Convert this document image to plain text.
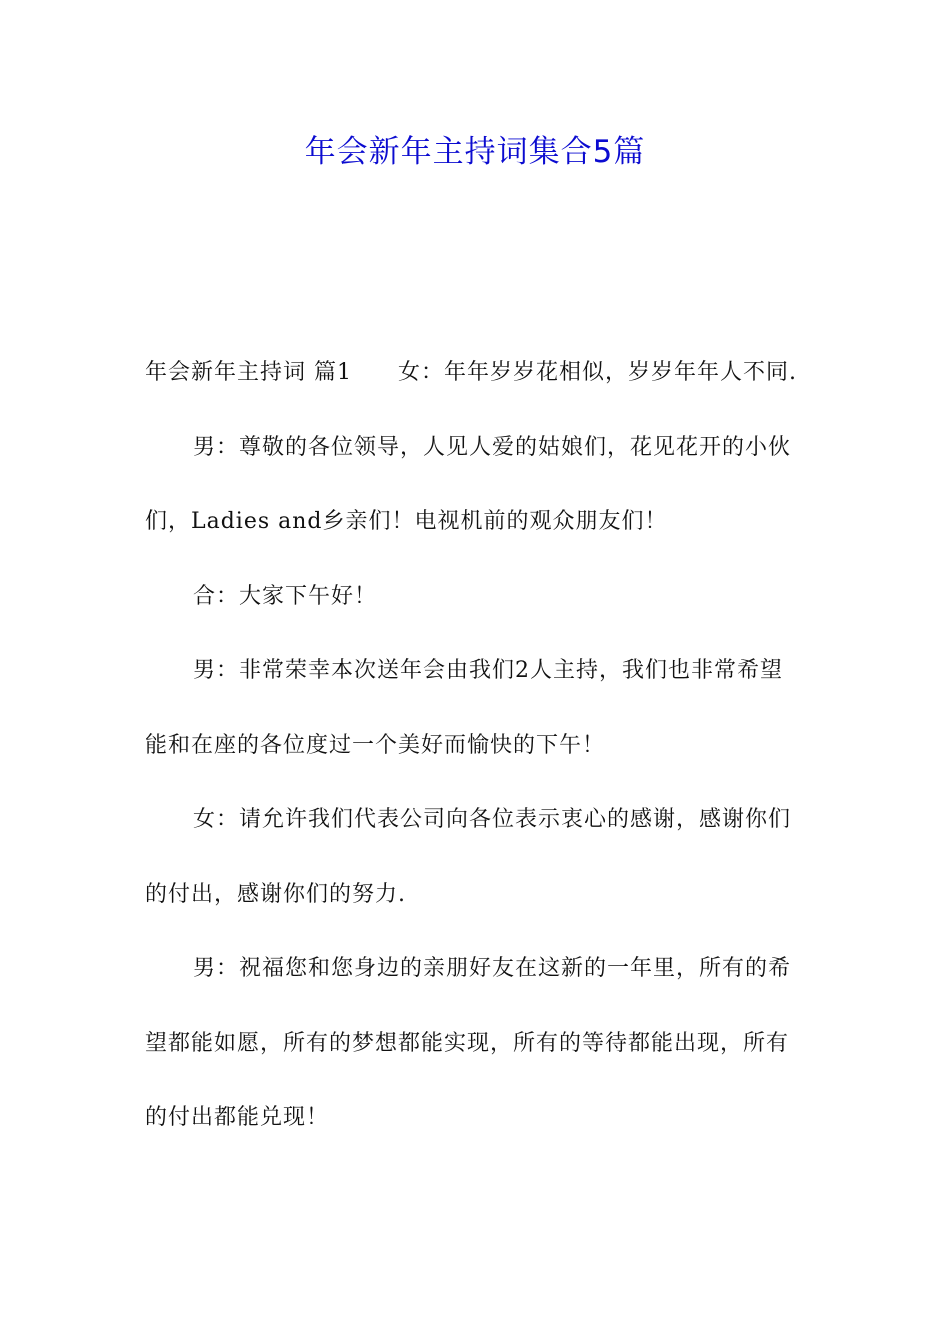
年会新年主持词集合5篇

年会新年主持词 篇1 女：年年岁岁花相似，岁岁年年人不同.

男：尊敬的各位领导，人见人爱的姑娘们，花见花开的小伙们，Ladies and乡亲们！电视机前的观众朋友们！

合：大家下午好！

男：非常荣幸本次送年会由我们2人主持，我们也非常希望能和在座的各位度过一个美好而愉快的下午！

女：请允许我们代表公司向各位表示衷心的感谢，感谢你们的付出，感谢你们的努力.

男：祝福您和您身边的亲朋好友在这新的一年里，所有的希望都能如愿，所有的梦想都能实现，所有的等待都能出现，所有的付出都能兑现！
